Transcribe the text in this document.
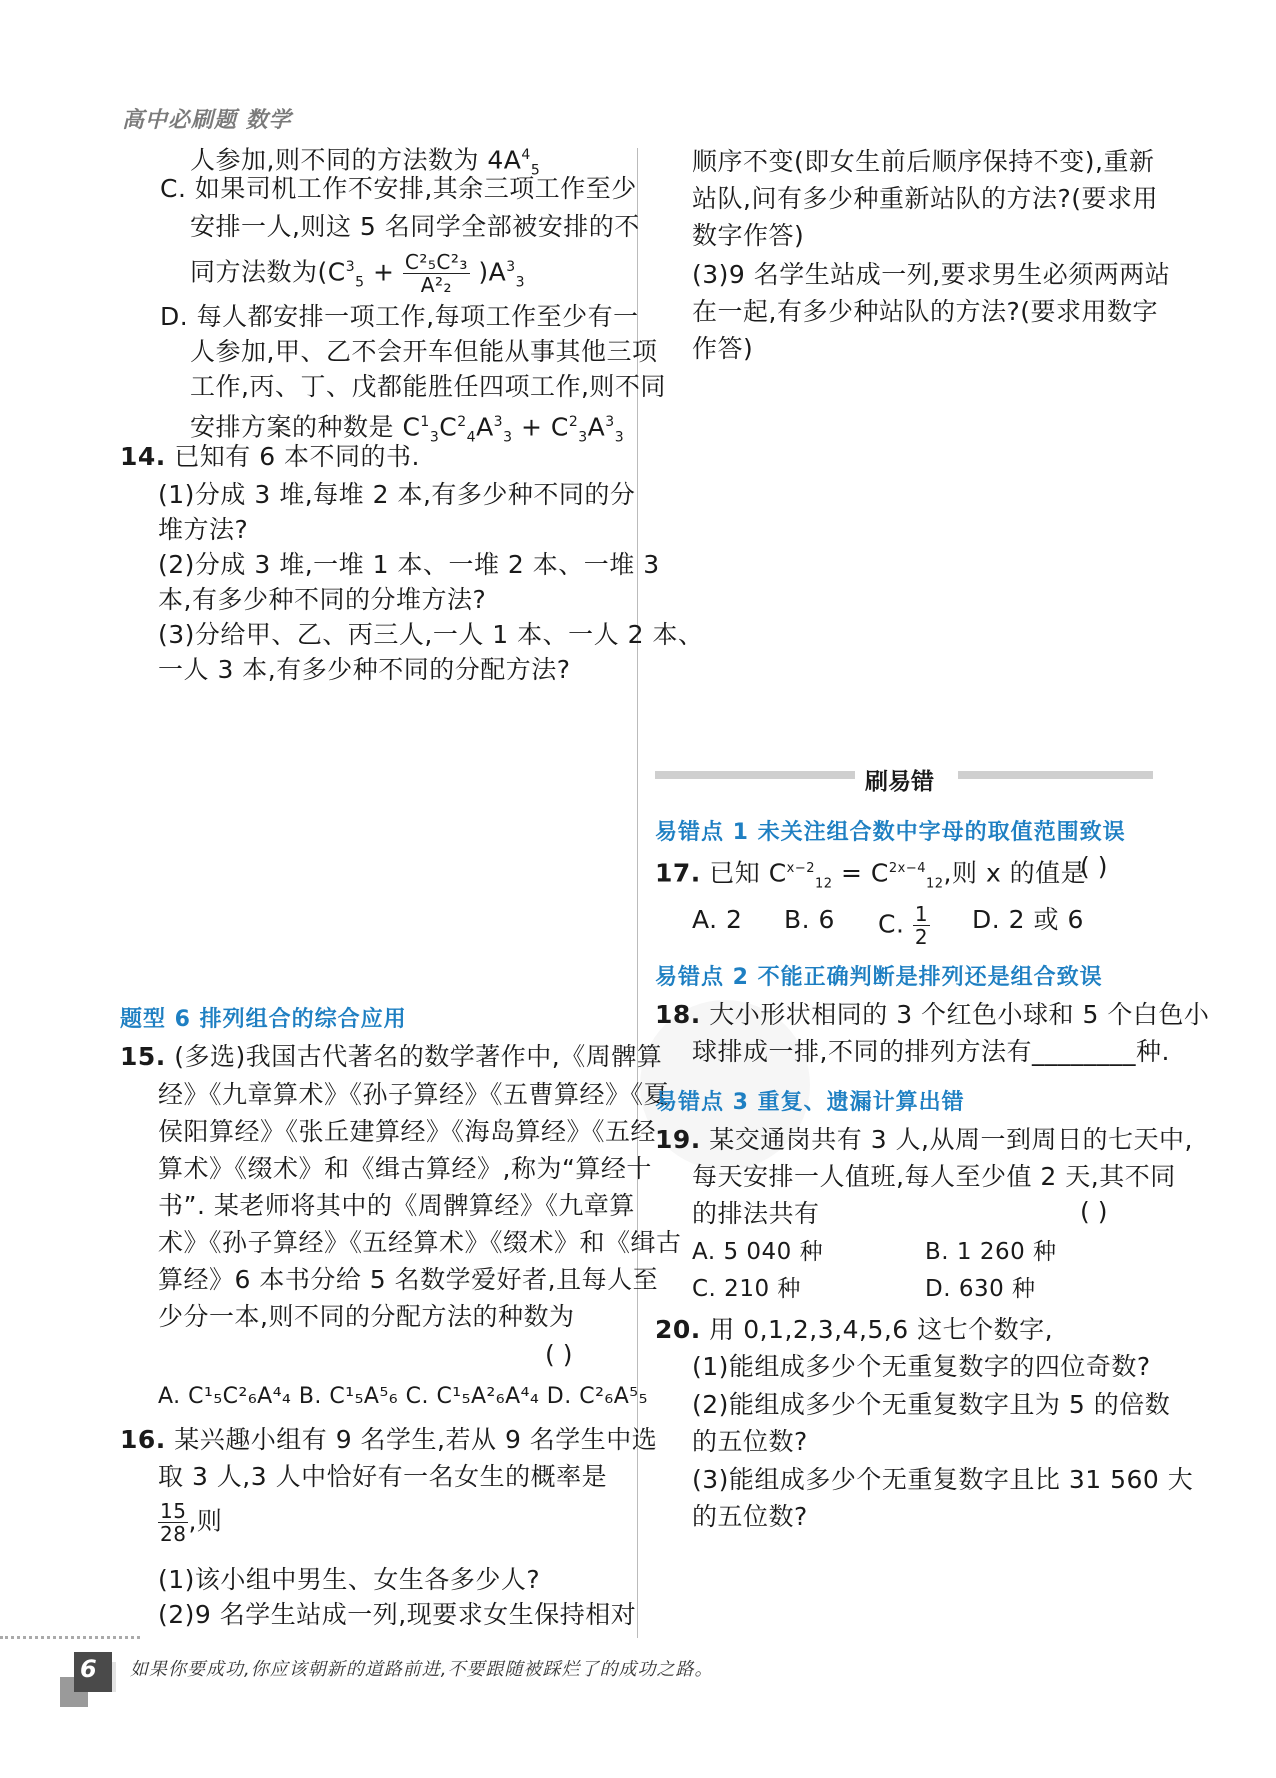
高中必刷题 数学
人参加,则不同的方法数为 $4A^4_5$
C. 如果司机工作不安排,其余三项工作至少
安排一人,则这 5 名同学全部被安排的不
同方法数为$(C^3_5 + \frac{\text{C²₅C²₃}}{\text{A²₂}} )A^3_3$
D. 每人都安排一项工作,每项工作至少有一
人参加,甲、乙不会开车但能从事其他三项
工作,丙、丁、戊都能胜任四项工作,则不同
安排方案的种数是 $C^1_3C^2_4A^3_3 + C^2_3A^3_3$
14. 已知有 6 本不同的书.
(1)分成 3 堆,每堆 2 本,有多少种不同的分
堆方法?
(2)分成 3 堆,一堆 1 本、一堆 2 本、一堆 3
本,有多少种不同的分堆方法?
(3)分给甲、乙、丙三人,一人 1 本、一人 2 本、
一人 3 本,有多少种不同的分配方法?
题型 6 排列组合的综合应用
15. (多选)我国古代著名的数学著作中,《周髀算
经》《九章算术》《孙子算经》《五曹算经》《夏
侯阳算经》《张丘建算经》《海岛算经》《五经
算术》《缀术》和《缉古算经》,称为“算经十
书”. 某老师将其中的《周髀算经》《九章算
术》《孙子算经》《五经算术》《缀术》和《缉古
算经》6 本书分给 5 名数学爱好者,且每人至
少分一本,则不同的分配方法的种数为
( )
A. C¹₅C²₆A⁴₄ B. C¹₅A⁵₆ C. C¹₅A²₆A⁴₄ D. C²₆A⁵₅
16. 某兴趣小组有 9 名学生,若从 9 名学生中选
取 3 人,3 人中恰好有一名女生的概率是
$\frac{15}{28}$ ,则
(1)该小组中男生、女生各多少人?
(2)9 名学生站成一列,现要求女生保持相对
顺序不变(即女生前后顺序保持不变),重新
站队,问有多少种重新站队的方法?(要求用
数字作答)
(3)9 名学生站成一列,要求男生必须两两站
在一起,有多少种站队的方法?(要求用数字
作答)
刷易错
易错点 1 未关注组合数中字母的取值范围致误
17. 已知 $C^{x-2}_{12} = C^{2x-4}_{12}$,则 x 的值是
( )
A. 2 B. 6 C. $\frac{1}{2} D$. 2 或 6
易错点 2 不能正确判断是排列还是组合致误
18. 大小形状相同的 3 个红色小球和 5 个白色小
球排成一排,不同的排列方法有________种.
易错点 3 重复、遗漏计算出错
19. 某交通岗共有 3 人,从周一到周日的七天中,
每天安排一人值班,每人至少值 2 天,其不同
的排法共有	( )
A. 5 040 种	B. 1 260 种
C. 210 种	D. 630 种
20. 用 0,1,2,3,4,5,6 这七个数字,
(1)能组成多少个无重复数字的四位奇数?
(2)能组成多少个无重复数字且为 5 的倍数
的五位数?
(3)能组成多少个无重复数字且比 31 560 大
的五位数?
6 如果你要成功,你应该朝新的道路前进,不要跟随被踩烂了的成功之路。
